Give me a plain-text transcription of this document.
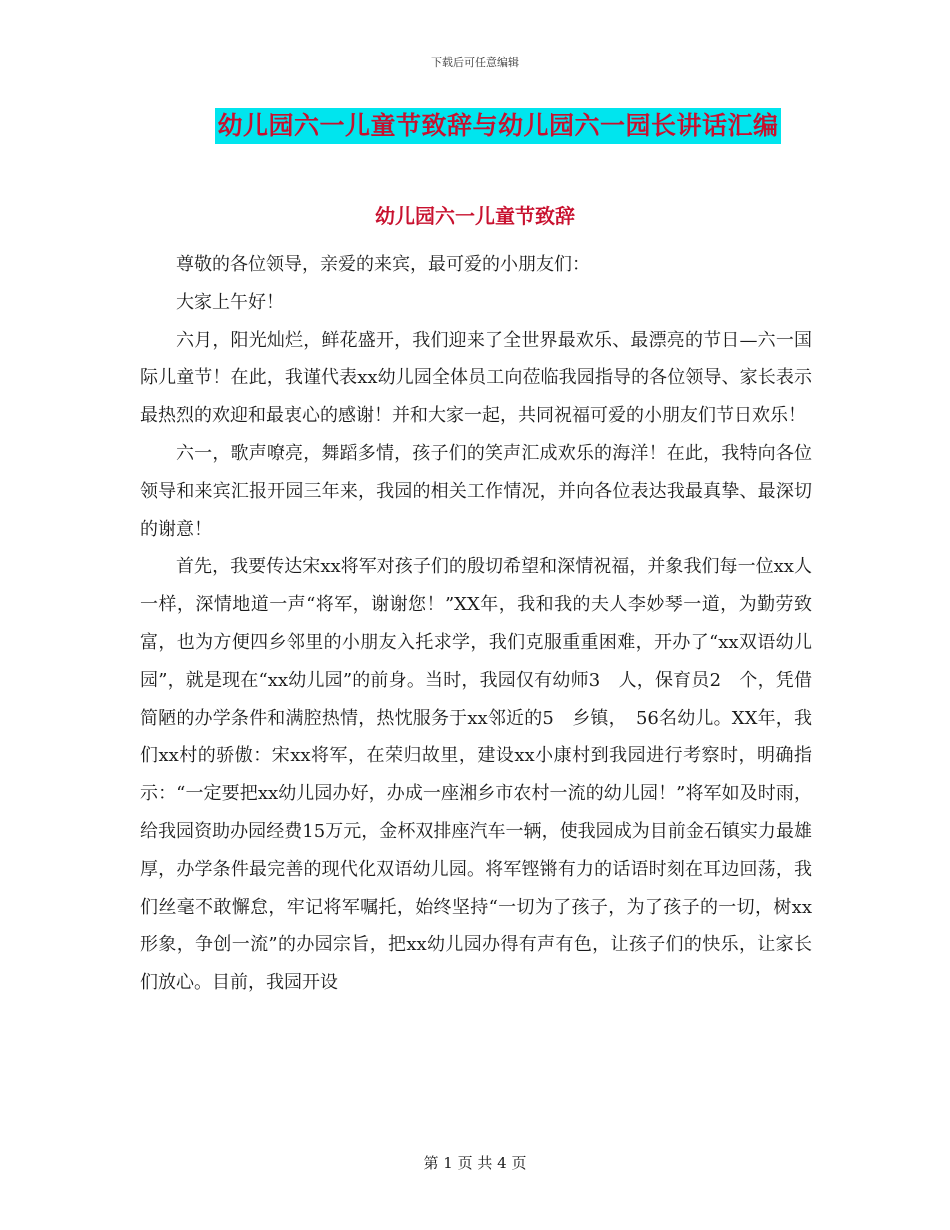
下载后可任意编辑
幼儿园六一儿童节致辞与幼儿园六一园长讲话汇编
幼儿园六一儿童节致辞

尊敬的各位领导，亲爱的来宾，最可爱的小朋友们：

大家上午好！

六月，阳光灿烂，鲜花盛开，我们迎来了全世界最欢乐、最漂亮的节日—六一国际儿童节！在此，我谨代表xx幼儿园全体员工向莅临我园指导的各位领导、家长表示最热烈的欢迎和最衷心的感谢！并和大家一起，共同祝福可爱的小朋友们节日欢乐！

六一，歌声嘹亮，舞蹈多情，孩子们的笑声汇成欢乐的海洋！在此，我特向各位领导和来宾汇报开园三年来，我园的相关工作情况，并向各位表达我最真挚、最深切的谢意！

首先，我要传达宋xx将军对孩子们的殷切希望和深情祝福，并象我们每一位xx人一样，深情地道一声“将军，谢谢您！”XX年，我和我的夫人李妙琴一道，为勤劳致富，也为方便四乡邻里的小朋友入托求学，我们克服重重困难，开办了“xx双语幼儿园”，就是现在“xx幼儿园”的前身。当时，我园仅有幼师3　人，保育员2　个，凭借简陋的办学条件和满腔热情，热忱服务于xx邻近的5　乡镇，　56名幼儿。XX年，我们xx村的骄傲：宋xx将军，在荣归故里，建设xx小康村到我园进行考察时，明确指示：“一定要把xx幼儿园办好，办成一座湘乡市农村一流的幼儿园！”将军如及时雨，给我园资助办园经费15万元，金杯双排座汽车一辆，使我园成为目前金石镇实力最雄厚，办学条件最完善的现代化双语幼儿园。将军铿锵有力的话语时刻在耳边回荡，我们丝毫不敢懈怠，牢记将军嘱托，始终坚持“一切为了孩子，为了孩子的一切，树xx形象，争创一流”的办园宗旨，把xx幼儿园办得有声有色，让孩子们的快乐，让家长们放心。目前，我园开设

第 1 页 共 4 页
